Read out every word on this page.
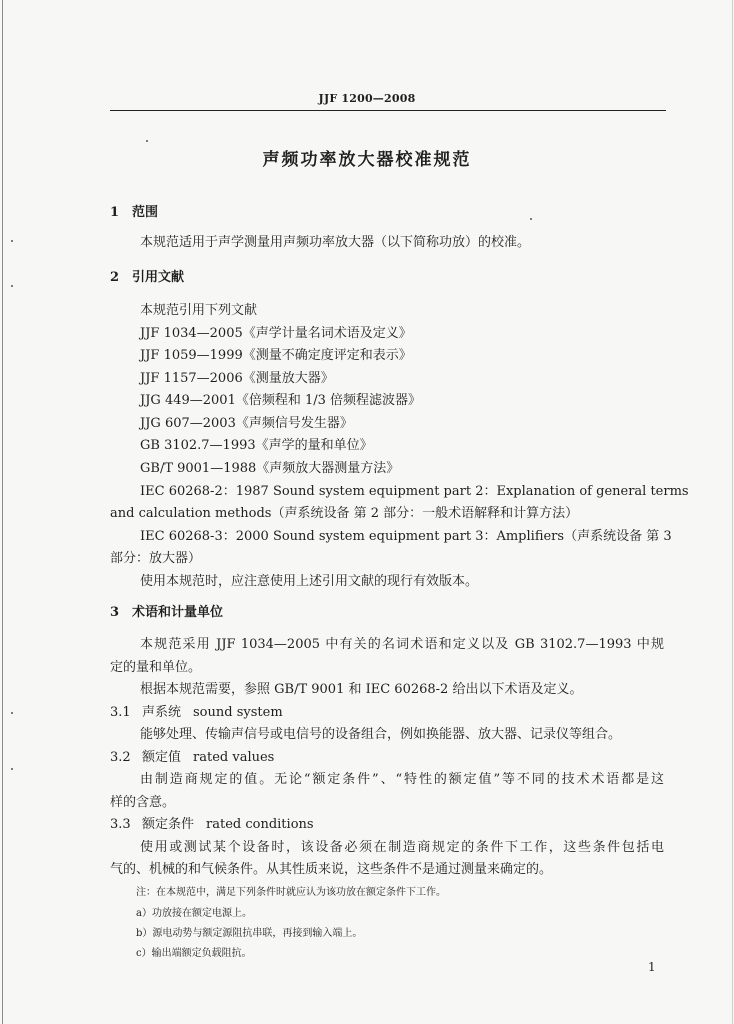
JJF 1200—2008
声频功率放大器校准规范
1 范围
本规范适用于声学测量用声频功率放大器（以下简称功放）的校准。
2 引用文献
本规范引用下列文献
JJF 1034—2005《声学计量名词术语及定义》
JJF 1059—1999《测量不确定度评定和表示》
JJF 1157—2006《测量放大器》
JJG 449—2001《倍频程和 1/3 倍频程滤波器》
JJG 607—2003《声频信号发生器》
GB 3102.7—1993《声学的量和单位》
GB/T 9001—1988《声频放大器测量方法》
IEC 60268-2：1987 Sound system equipment part 2：Explanation of general terms
and calculation methods（声系统设备 第 2 部分：一般术语解释和计算方法）
IEC 60268-3：2000 Sound system equipment part 3：Amplifiers（声系统设备 第 3
部分：放大器）
使用本规范时，应注意使用上述引用文献的现行有效版本。
3 术语和计量单位
本规范采用 JJF 1034—2005 中有关的名词术语和定义以及 GB 3102.7—1993 中规
定的量和单位。
根据本规范需要，参照 GB/T 9001 和 IEC 60268-2 给出以下术语及定义。
3.1 声系统 sound system
能够处理、传输声信号或电信号的设备组合，例如换能器、放大器、记录仪等组合。
3.2 额定值 rated values
由制造商规定的值。无论“额定条件”、“特性的额定值”等不同的技术术语都是这
样的含意。
3.3 额定条件 rated conditions
使用或测试某个设备时，该设备必须在制造商规定的条件下工作，这些条件包括电
气的、机械的和气候条件。从其性质来说，这些条件不是通过测量来确定的。
注：在本规范中，满足下列条件时就应认为该功放在额定条件下工作。
a）功放接在额定电源上。
b）源电动势与额定源阻抗串联，再接到输入端上。
c）输出端额定负载阻抗。
1
